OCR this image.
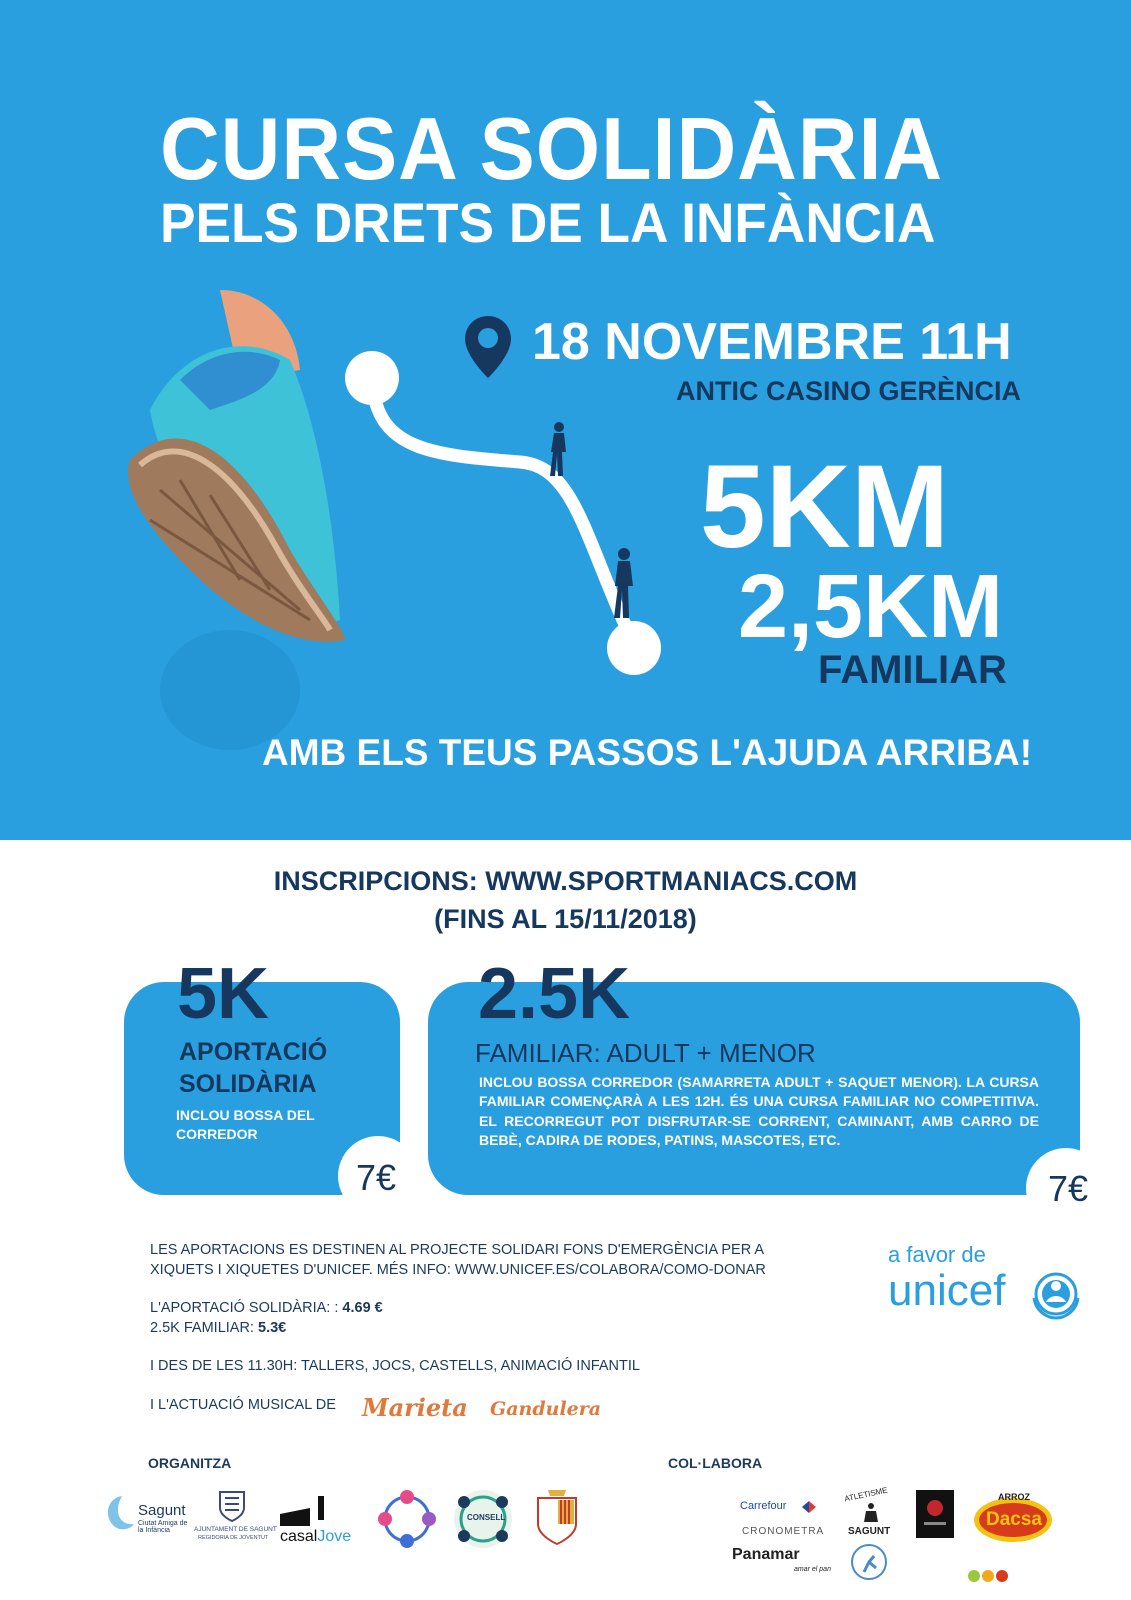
CURSA SOLIDÀRIA
PELS DRETS DE LA INFÀNCIA
18 NOVEMBRE 11H
ANTIC CASINO GERÈNCIA
5KM
2,5KM
FAMILIAR
AMB ELS TEUS PASSOS L'AJUDA ARRIBA!
INSCRIPCIONS: WWW.SPORTMANIACS.COM
(FINS AL 15/11/2018)
5K	2.5K
APORTACIÓ SOLIDÀRIA
FAMILIAR: ADULT + MENOR
INCLOU BOSSA DEL CORREDOR
INCLOU BOSSA CORREDOR (SAMARRETA ADULT + SAQUET MENOR). LA CURSA FAMILIAR COMENÇARÀ A LES 12H. ÉS UNA CURSA FAMILIAR NO COMPETITIVA. EL RECORREGUT POT DISFRUTAR-SE CORRENT, CAMINANT, AMB CARRO DE BEBÈ, CADIRA DE RODES, PATINS, MASCOTES, ETC.
7€	7€
LES APORTACIONS ES DESTINEN AL PROJECTE SOLIDARI FONS D'EMERGÈNCIA PER A
XIQUETS I XIQUETES D'UNICEF. MÉS INFO: WWW.UNICEF.ES/COLABORA/COMO-DONAR
L'APORTACIÓ SOLIDÀRIA: : 4.69 €
2.5K FAMILIAR: 5.3€
I DES DE LES 11.30H: TALLERS, JOCS, CASTELLS, ANIMACIÓ INFANTIL
I L'ACTUACIÓ MUSICAL DE Marieta Gandulera
a favor de
unicef
ORGANITZA	COL·LABORA
Sagunt
Ciutat Amiga de la Infància	AJUNTAMENT DE SAGUNT
REGIDORIA DE JOVENTUT casalJove
CONSELL
Carrefour
CRONOMETRA
Panamar
amar el pan
ATLETISME
SAGUNT
ARROZ
Dacsa
